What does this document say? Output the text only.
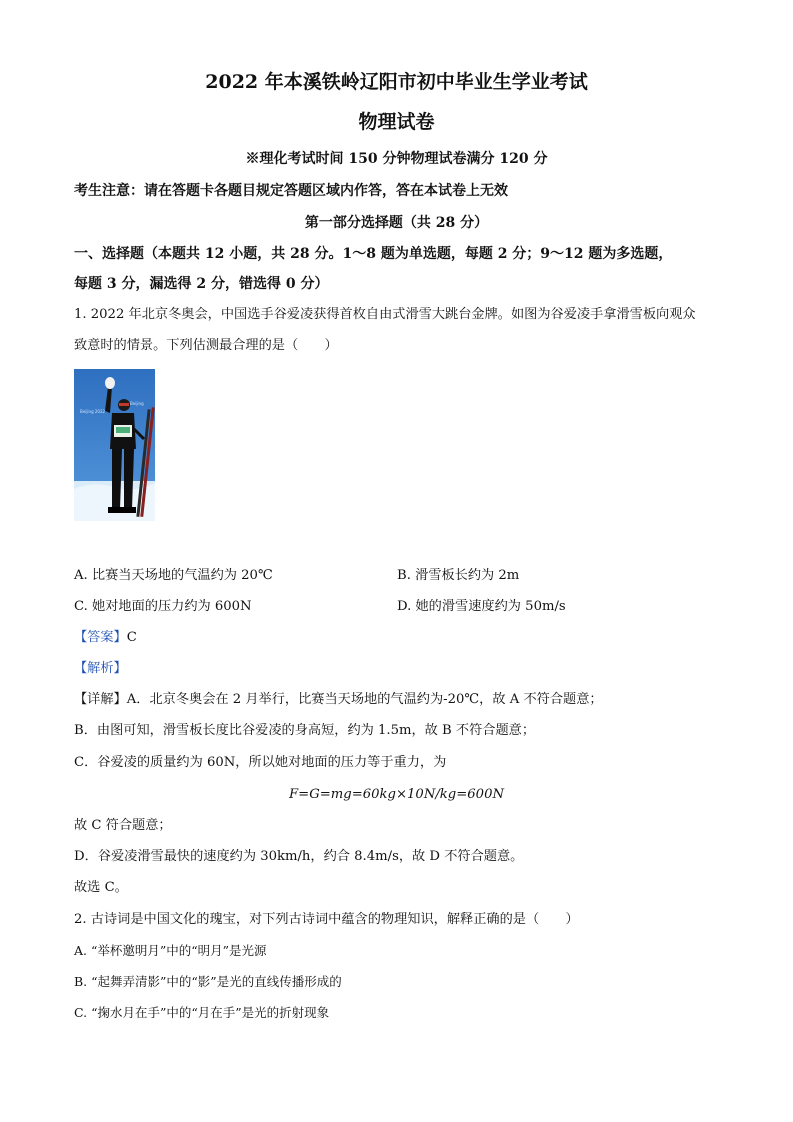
2022 年本溪铁岭辽阳市初中毕业生学业考试
物理试卷
※理化考试时间 150 分钟物理试卷满分 120 分
考生注意：请在答题卡各题目规定答题区域内作答，答在本试卷上无效
第一部分选择题（共 28 分）
一、选择题（本题共 12 小题，共 28 分。1～8 题为单选题，每题 2 分；9～12 题为多选题，
每题 3 分，漏选得 2 分，错选得 0 分）
1. 2022 年北京冬奥会，中国选手谷爱凌获得首枚自由式滑雪大跳台金牌。如图为谷爱凌手拿滑雪板向观众
致意时的情景。下列估测最合理的是（　　）
Beijing 2022
Beijing
A. 比赛当天场地的气温约为 20℃	B. 滑雪板长约为 2m
C. 她对地面的压力约为 600N	D. 她的滑雪速度约为 50m/s
【答案】C
【解析】
【详解】A．北京冬奥会在 2 月举行，比赛当天场地的气温约为-20℃，故 A 不符合题意；
B．由图可知，滑雪板长度比谷爱凌的身高短，约为 1.5m，故 B 不符合题意；
C．谷爱凌的质量约为 60N，所以她对地面的压力等于重力，为
F=G=mg=60kg×10N/kg=600N
故 C 符合题意；
D．谷爱凌滑雪最快的速度约为 30km/h，约合 8.4m/s，故 D 不符合题意。
故选 C。
2. 古诗词是中国文化的瑰宝，对下列古诗词中蕴含的物理知识，解释正确的是（　　）
A. “举杯邀明月”中的“明月”是光源
B. “起舞弄清影”中的“影”是光的直线传播形成的
C. “掬水月在手”中的“月在手”是光的折射现象
